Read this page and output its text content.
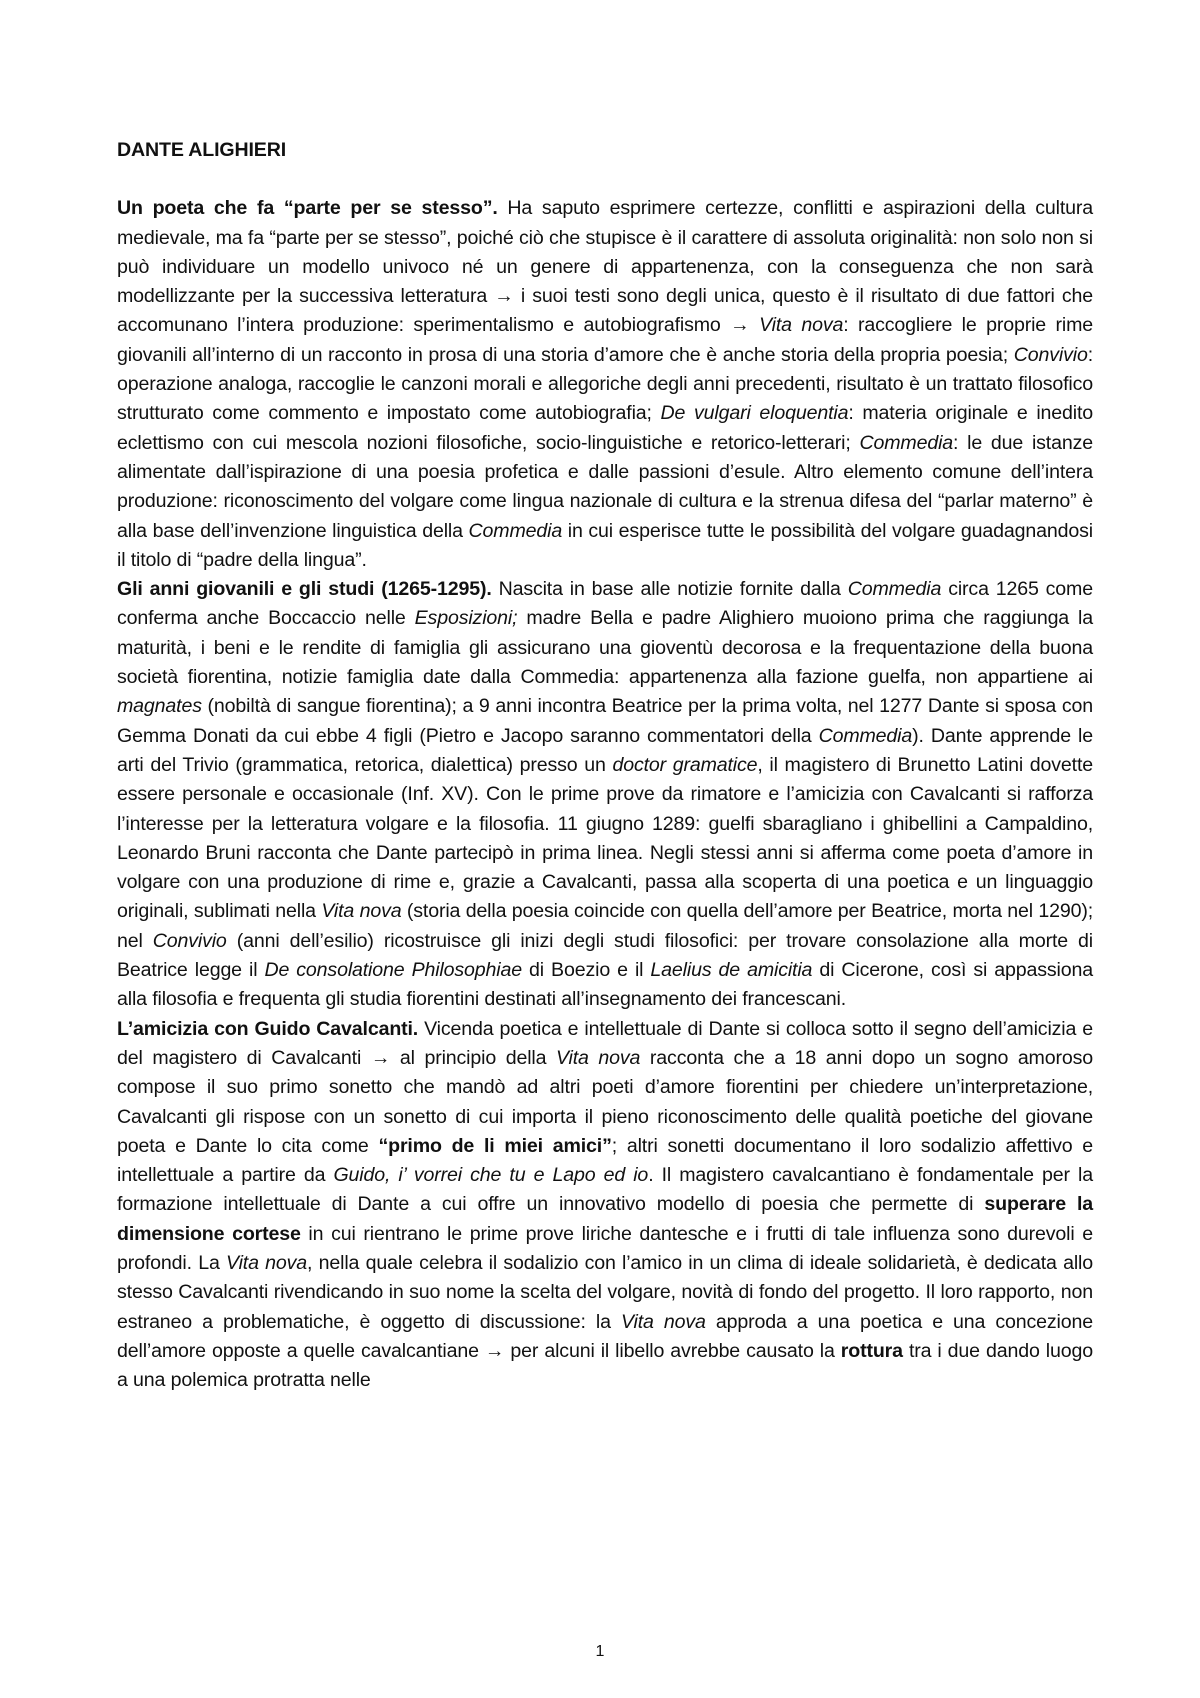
DANTE ALIGHIERI

Un poeta che fa “parte per se stesso”. Ha saputo esprimere certezze, conflitti e aspirazioni della cultura medievale, ma fa “parte per se stesso”, poiché ciò che stupisce è il carattere di assoluta originalità: non solo non si può individuare un modello univoco né un genere di appartenenza, con la conseguenza che non sarà modellizzante per la successiva letteratura → i suoi testi sono degli unica, questo è il risultato di due fattori che accomunano l’intera produzione: sperimentalismo e autobiografismo → Vita nova: raccogliere le proprie rime giovanili all’interno di un racconto in prosa di una storia d’amore che è anche storia della propria poesia; Convivio: operazione analoga, raccoglie le canzoni morali e allegoriche degli anni precedenti, risultato è un trattato filosofico strutturato come commento e impostato come autobiografia; De vulgari eloquentia: materia originale e inedito eclettismo con cui mescola nozioni filosofiche, socio-linguistiche e retorico-letterari; Commedia: le due istanze alimentate dall’ispirazione di una poesia profetica e dalle passioni d’esule. Altro elemento comune dell’intera produzione: riconoscimento del volgare come lingua nazionale di cultura e la strenua difesa del “parlar materno” è alla base dell’invenzione linguistica della Commedia in cui esperisce tutte le possibilità del volgare guadagnandosi il titolo di “padre della lingua”.

Gli anni giovanili e gli studi (1265-1295). Nascita in base alle notizie fornite dalla Commedia circa 1265 come conferma anche Boccaccio nelle Esposizioni; madre Bella e padre Alighiero muoiono prima che raggiunga la maturità, i beni e le rendite di famiglia gli assicurano una gioventù decorosa e la frequentazione della buona società fiorentina, notizie famiglia date dalla Commedia: appartenenza alla fazione guelfa, non appartiene ai magnates (nobiltà di sangue fiorentina); a 9 anni incontra Beatrice per la prima volta, nel 1277 Dante si sposa con Gemma Donati da cui ebbe 4 figli (Pietro e Jacopo saranno commentatori della Commedia). Dante apprende le arti del Trivio (grammatica, retorica, dialettica) presso un doctor gramatice, il magistero di Brunetto Latini dovette essere personale e occasionale (Inf. XV). Con le prime prove da rimatore e l’amicizia con Cavalcanti si rafforza l’interesse per la letteratura volgare e la filosofia. 11 giugno 1289: guelfi sbaragliano i ghibellini a Campaldino, Leonardo Bruni racconta che Dante partecipò in prima linea. Negli stessi anni si afferma come poeta d’amore in volgare con una produzione di rime e, grazie a Cavalcanti, passa alla scoperta di una poetica e un linguaggio originali, sublimati nella Vita nova (storia della poesia coincide con quella dell’amore per Beatrice, morta nel 1290); nel Convivio (anni dell’esilio) ricostruisce gli inizi degli studi filosofici: per trovare consolazione alla morte di Beatrice legge il De consolatione Philosophiae di Boezio e il Laelius de amicitia di Cicerone, così si appassiona alla filosofia e frequenta gli studia fiorentini destinati all’insegnamento dei francescani.

L’amicizia con Guido Cavalcanti. Vicenda poetica e intellettuale di Dante si colloca sotto il segno dell’amicizia e del magistero di Cavalcanti → al principio della Vita nova racconta che a 18 anni dopo un sogno amoroso compose il suo primo sonetto che mandò ad altri poeti d’amore fiorentini per chiedere un’interpretazione, Cavalcanti gli rispose con un sonetto di cui importa il pieno riconoscimento delle qualità poetiche del giovane poeta e Dante lo cita come “primo de li miei amici”; altri sonetti documentano il loro sodalizio affettivo e intellettuale a partire da Guido, i’ vorrei che tu e Lapo ed io. Il magistero cavalcantiano è fondamentale per la formazione intellettuale di Dante a cui offre un innovativo modello di poesia che permette di superare la dimensione cortese in cui rientrano le prime prove liriche dantesche e i frutti di tale influenza sono durevoli e profondi. La Vita nova, nella quale celebra il sodalizio con l’amico in un clima di ideale solidarietà, è dedicata allo stesso Cavalcanti rivendicando in suo nome la scelta del volgare, novità di fondo del progetto. Il loro rapporto, non estraneo a problematiche, è oggetto di discussione: la Vita nova approda a una poetica e una concezione dell’amore opposte a quelle cavalcantiane → per alcuni il libello avrebbe causato la rottura tra i due dando luogo a una polemica protratta nelle

1
